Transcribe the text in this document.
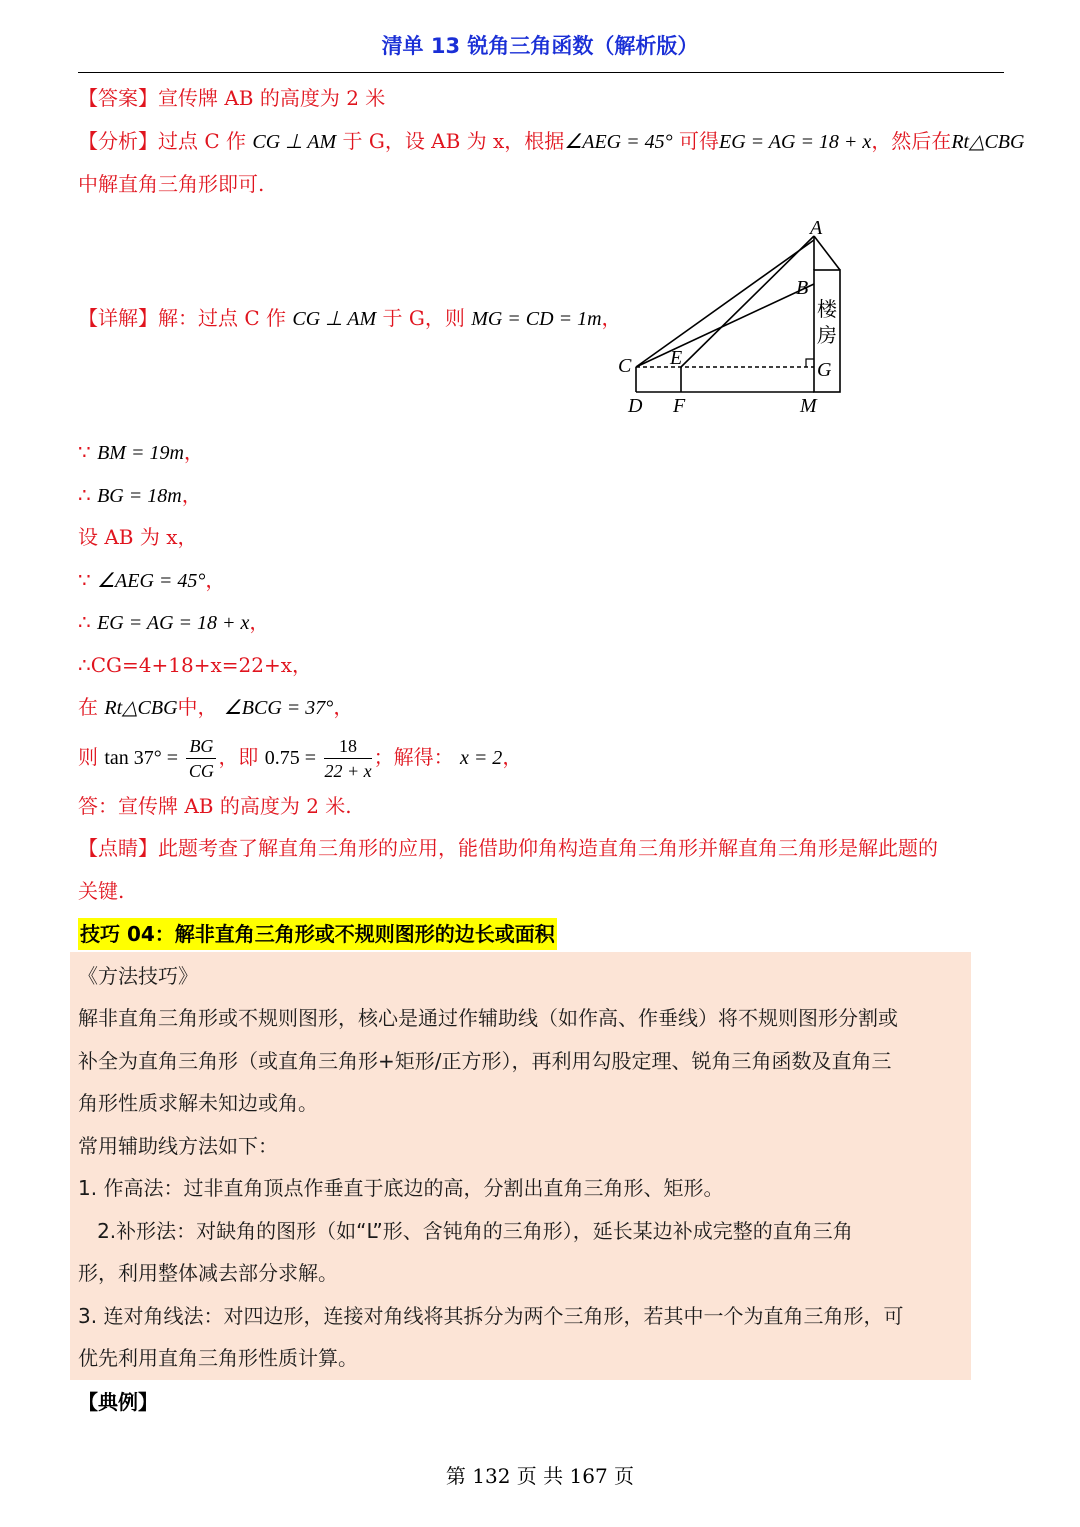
清单 13 锐角三角函数（解析版）
【答案】宣传牌 AB 的高度为 2 米
【分析】过点 C 作 CG ⊥ AM 于 G，设 AB 为 x，根据∠AEG = 45° 可得EG = AG = 18 + x，然后在Rt△CBG
中解直角三角形即可.
A
B
C
D
E
F
G
M
楼
房
【详解】解：过点 C 作 CG ⊥ AM 于 G，则 MG = CD = 1m，
∵ BM = 19m，
∴ BG = 18m，
设 AB 为 x，
∵ ∠AEG = 45°，
∴ EG = AG = 18 + x，
∴CG=4+18+x=22+x，
在 Rt△CBG中， ∠BCG = 37°，
则 $\tan 37^\circ = \frac{BG}{CG}$ ，即 $0.75 = \frac{18}{22 + x}$ ；解得： x = 2，
答：宣传牌 AB 的高度为 2 米.
【点睛】此题考查了解直角三角形的应用，能借助仰角构造直角三角形并解直角三角形是解此题的
关键.
技巧 04：解非直角三角形或不规则图形的边长或面积
《方法技巧》
解非直角三角形或不规则图形，核心是通过作辅助线（如作高、作垂线）将不规则图形分割或
补全为直角三角形（或直角三角形+矩形/正方形），再利用勾股定理、锐角三角函数及直角三
角形性质求解未知边或角。
常用辅助线方法如下：
1. 作高法：过非直角顶点作垂直于底边的高，分割出直角三角形、矩形。
2.补形法：对缺角的图形（如“L”形、含钝角的三角形），延长某边补成完整的直角三角
形，利用整体减去部分求解。
3. 连对角线法：对四边形，连接对角线将其拆分为两个三角形，若其中一个为直角三角形，可
优先利用直角三角形性质计算。
【典例】
第 132 页 共 167 页
